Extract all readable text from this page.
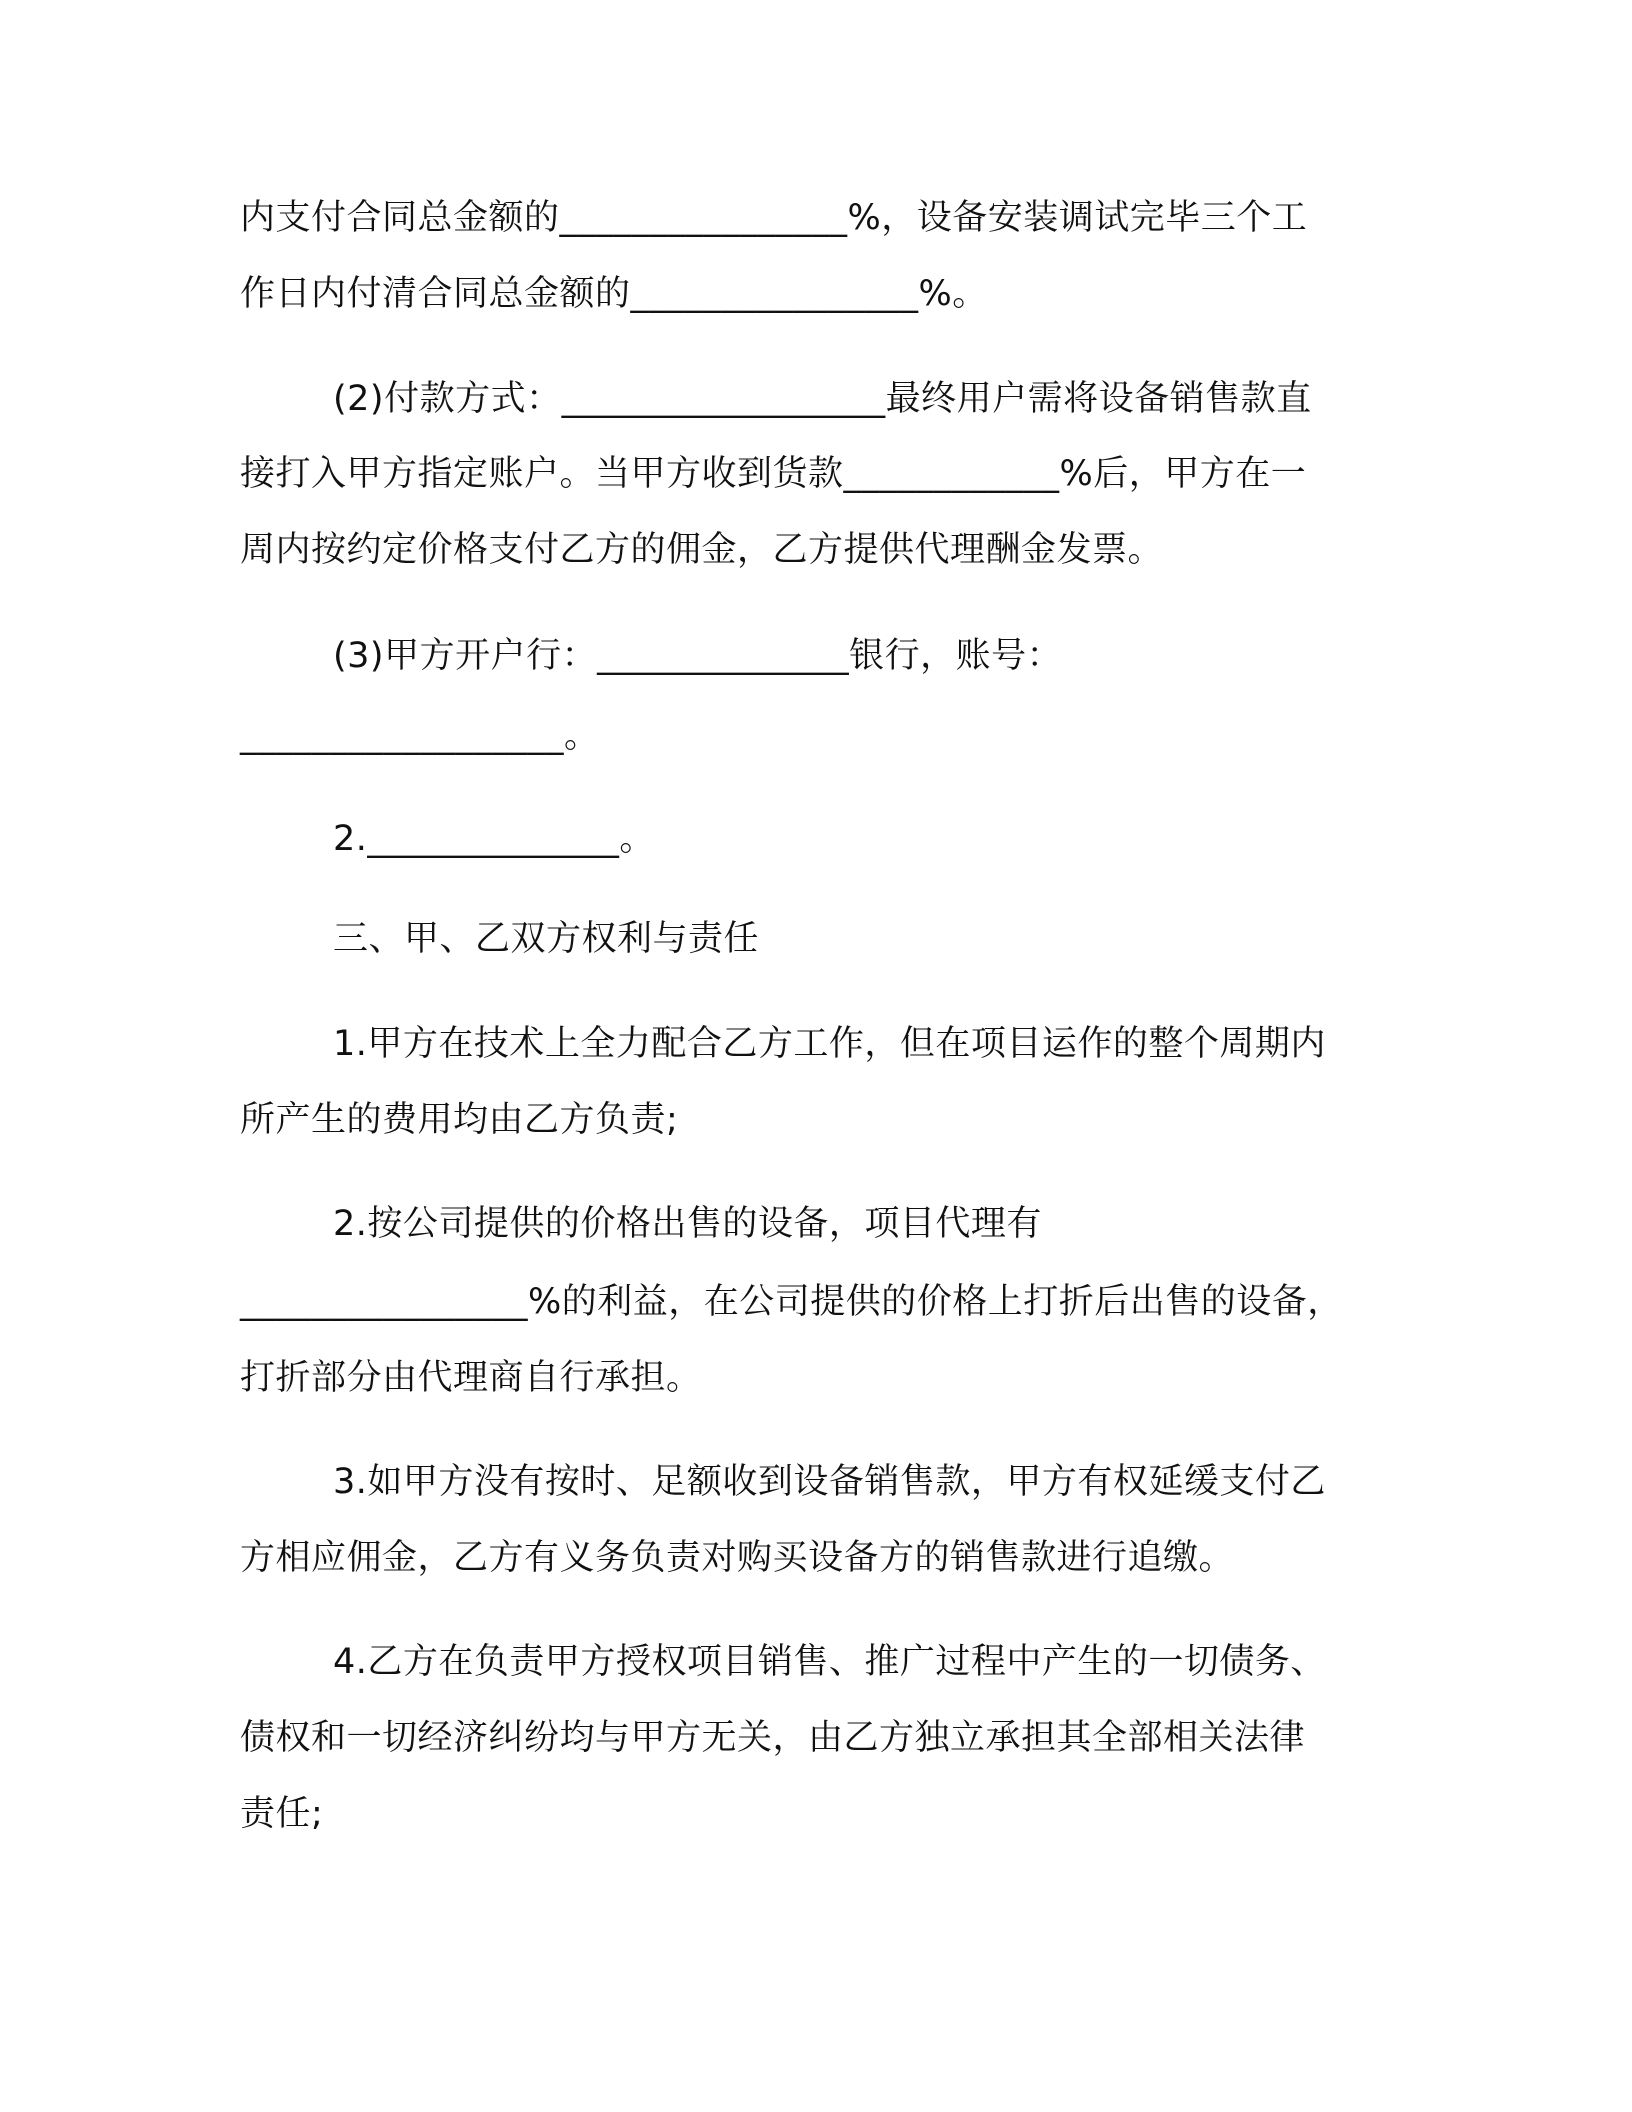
内支付合同总金额的________________%，设备安装调试完毕三个工
作日内付清合同总金额的________________%。
(2)付款方式：__________________最终用户需将设备销售款直
接打入甲方指定账户。当甲方收到货款____________%后，甲方在一
周内按约定价格支付乙方的佣金，乙方提供代理酬金发票。
(3)甲方开户行：______________银行，账号：
__________________。
2.______________。
三、甲、乙双方权利与责任
1.甲方在技术上全力配合乙方工作，但在项目运作的整个周期内
所产生的费用均由乙方负责;
2.按公司提供的价格出售的设备，项目代理有
________________%的利益，在公司提供的价格上打折后出售的设备，
打折部分由代理商自行承担。
3.如甲方没有按时、足额收到设备销售款，甲方有权延缓支付乙
方相应佣金，乙方有义务负责对购买设备方的销售款进行追缴。
4.乙方在负责甲方授权项目销售、推广过程中产生的一切债务、
债权和一切经济纠纷均与甲方无关，由乙方独立承担其全部相关法律
责任;
